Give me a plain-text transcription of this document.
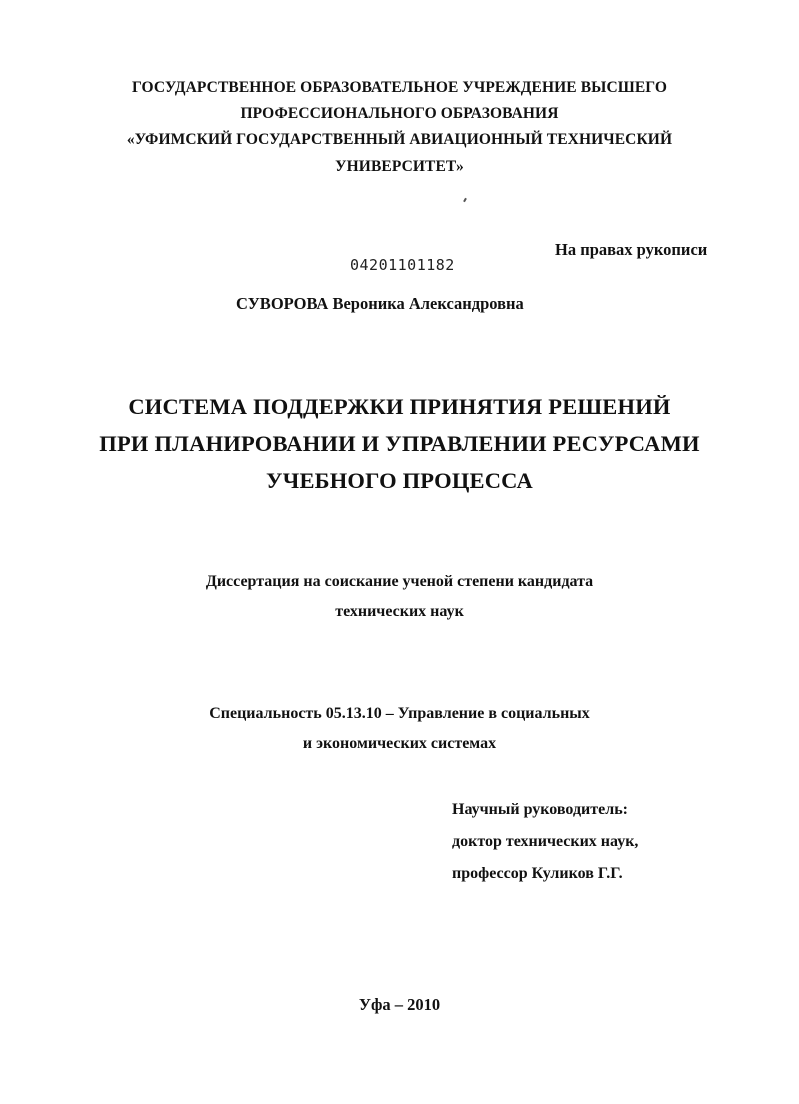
ГОСУДАРСТВЕННОЕ ОБРАЗОВАТЕЛЬНОЕ УЧРЕЖДЕНИЕ ВЫСШЕГО
ПРОФЕССИОНАЛЬНОГО ОБРАЗОВАНИЯ
«УФИМСКИЙ ГОСУДАРСТВЕННЫЙ АВИАЦИОННЫЙ ТЕХНИЧЕСКИЙ
УНИВЕРСИТЕТ»
На правах рукописи
04201101182
СУВОРОВА Вероника Александровна
СИСТЕМА ПОДДЕРЖКИ ПРИНЯТИЯ РЕШЕНИЙ
ПРИ ПЛАНИРОВАНИИ И УПРАВЛЕНИИ РЕСУРСАМИ
УЧЕБНОГО ПРОЦЕССА
Диссертация на соискание ученой степени кандидата
технических наук
Специальность 05.13.10 – Управление в социальных
и экономических системах
Научный руководитель:
доктор технических наук,
профессор Куликов Г.Г.
Уфа – 2010
